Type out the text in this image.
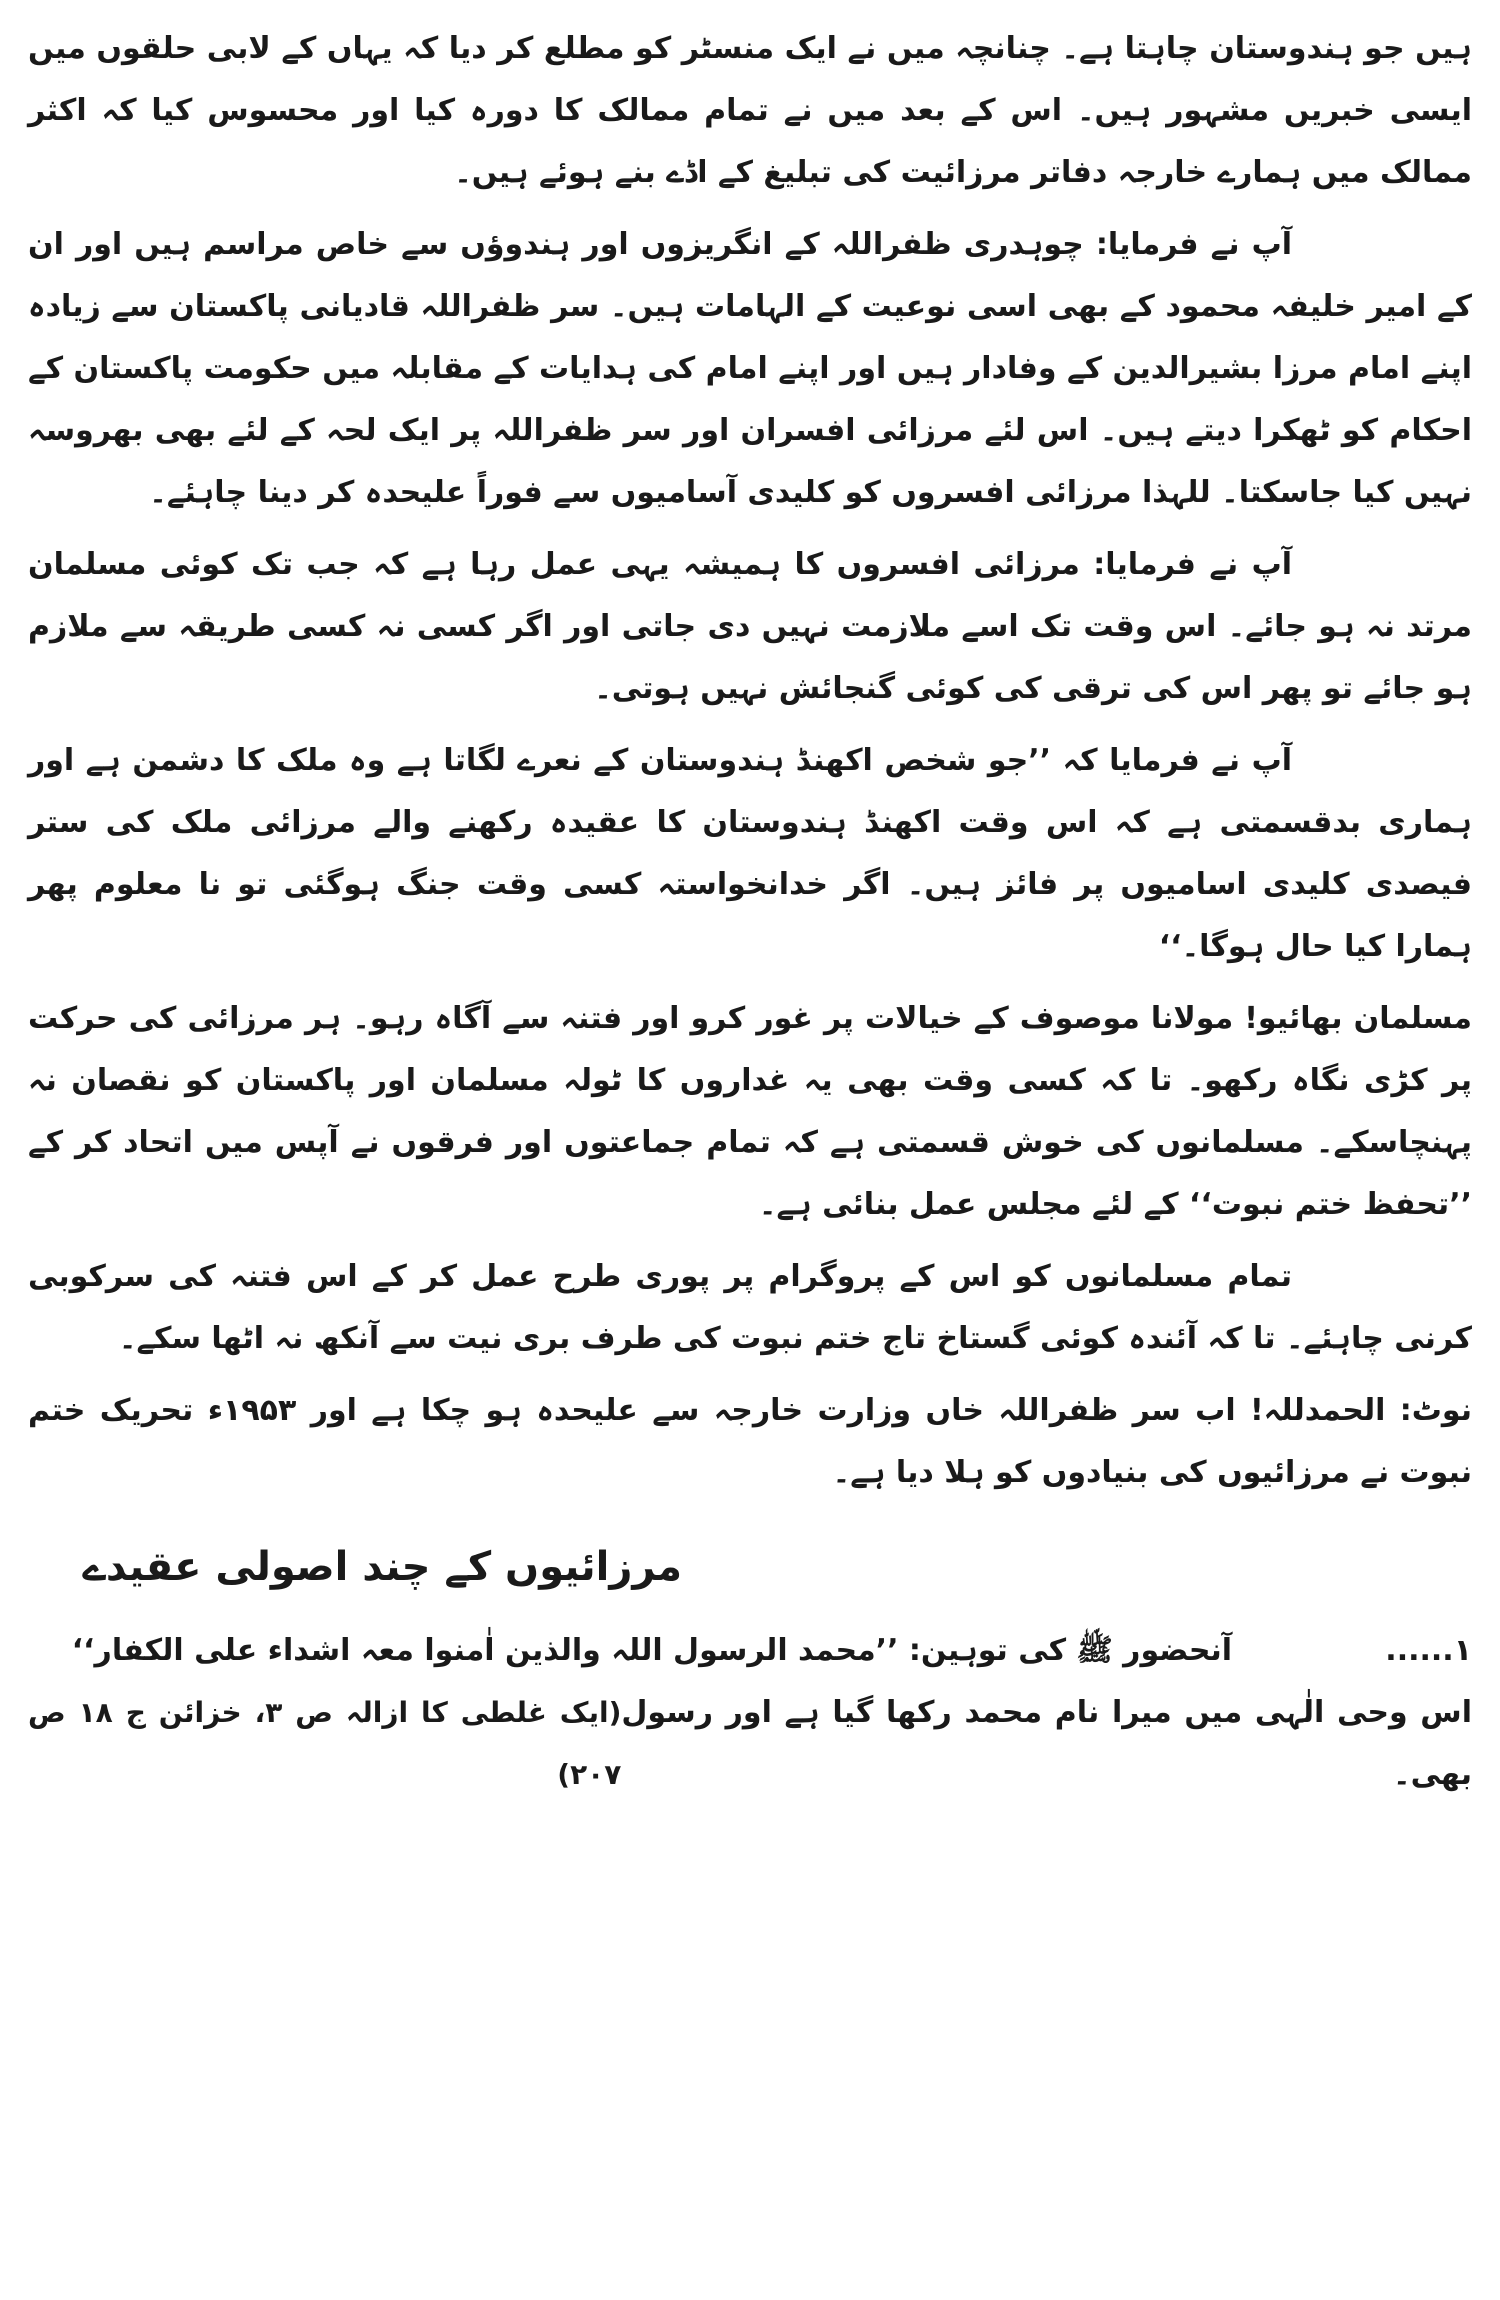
ہیں جو ہندوستان چاہتا ہے۔ چنانچہ میں نے ایک منسٹر کو مطلع کر دیا کہ یہاں کے لابی حلقوں میں ایسی خبریں مشہور ہیں۔ اس کے بعد میں نے تمام ممالک کا دورہ کیا اور محسوس کیا کہ اکثر ممالک میں ہمارے خارجہ دفاتر مرزائیت کی تبلیغ کے اڈے بنے ہوئے ہیں۔

آپ نے فرمایا: چوہدری ظفراللہ کے انگریزوں اور ہندوؤں سے خاص مراسم ہیں اور ان کے امیر خلیفہ محمود کے بھی اسی نوعیت کے الہامات ہیں۔ سر ظفراللہ قادیانی پاکستان سے زیادہ اپنے امام مرزا بشیرالدین کے وفادار ہیں اور اپنے امام کی ہدایات کے مقابلہ میں حکومت پاکستان کے احکام کو ٹھکرا دیتے ہیں۔ اس لئے مرزائی افسران اور سر ظفراللہ پر ایک لحہ کے لئے بھی بھروسہ نہیں کیا جاسکتا۔ للہذا مرزائی افسروں کو کلیدی آسامیوں سے فوراً علیحدہ کر دینا چاہئے۔

آپ نے فرمایا: مرزائی افسروں کا ہمیشہ یہی عمل رہا ہے کہ جب تک کوئی مسلمان مرتد نہ ہو جائے۔ اس وقت تک اسے ملازمت نہیں دی جاتی اور اگر کسی نہ کسی طریقہ سے ملازم ہو جائے تو پھر اس کی ترقی کی کوئی گنجائش نہیں ہوتی۔

آپ نے فرمایا کہ ’’جو شخص اکھنڈ ہندوستان کے نعرے لگاتا ہے وہ ملک کا دشمن ہے اور ہماری بدقسمتی ہے کہ اس وقت اکھنڈ ہندوستان کا عقیدہ رکھنے والے مرزائی ملک کی ستر فیصدی کلیدی اسامیوں پر فائز ہیں۔ اگر خدانخواستہ کسی وقت جنگ ہوگئی تو نا معلوم پھر ہمارا کیا حال ہوگا۔‘‘

مسلمان بھائیو! مولانا موصوف کے خیالات پر غور کرو اور فتنہ سے آگاہ رہو۔ ہر مرزائی کی حرکت پر کڑی نگاہ رکھو۔ تا کہ کسی وقت بھی یہ غداروں کا ٹولہ مسلمان اور پاکستان کو نقصان نہ پہنچاسکے۔ مسلمانوں کی خوش قسمتی ہے کہ تمام جماعتوں اور فرقوں نے آپس میں اتحاد کر کے ’’تحفظ ختم نبوت‘‘ کے لئے مجلس عمل بنائی ہے۔

تمام مسلمانوں کو اس کے پروگرام پر پوری طرح عمل کر کے اس فتنہ کی سرکوبی کرنی چاہئے۔ تا کہ آئندہ کوئی گستاخ تاج ختم نبوت کی طرف بری نیت سے آنکھ نہ اٹھا سکے۔

نوٹ: الحمدللہ! اب سر ظفراللہ خاں وزارت خارجہ سے علیحدہ ہو چکا ہے اور ۱۹۵۳ء تحریک ختم نبوت نے مرزائیوں کی بنیادوں کو ہلا دیا ہے۔

مرزائیوں کے چند اصولی عقیدے
۱......
آنحضور ﷺ کی توہین: ’’محمد الرسول اللہ والذین اٰمنوا معہ اشداء علی الکفار‘‘
اس وحی الٰہی میں میرا نام محمد رکھا گیا ہے اور رسول بھی۔
(ایک غلطی کا ازالہ ص ۳، خزائن ج ۱۸ ص ۲۰۷)
